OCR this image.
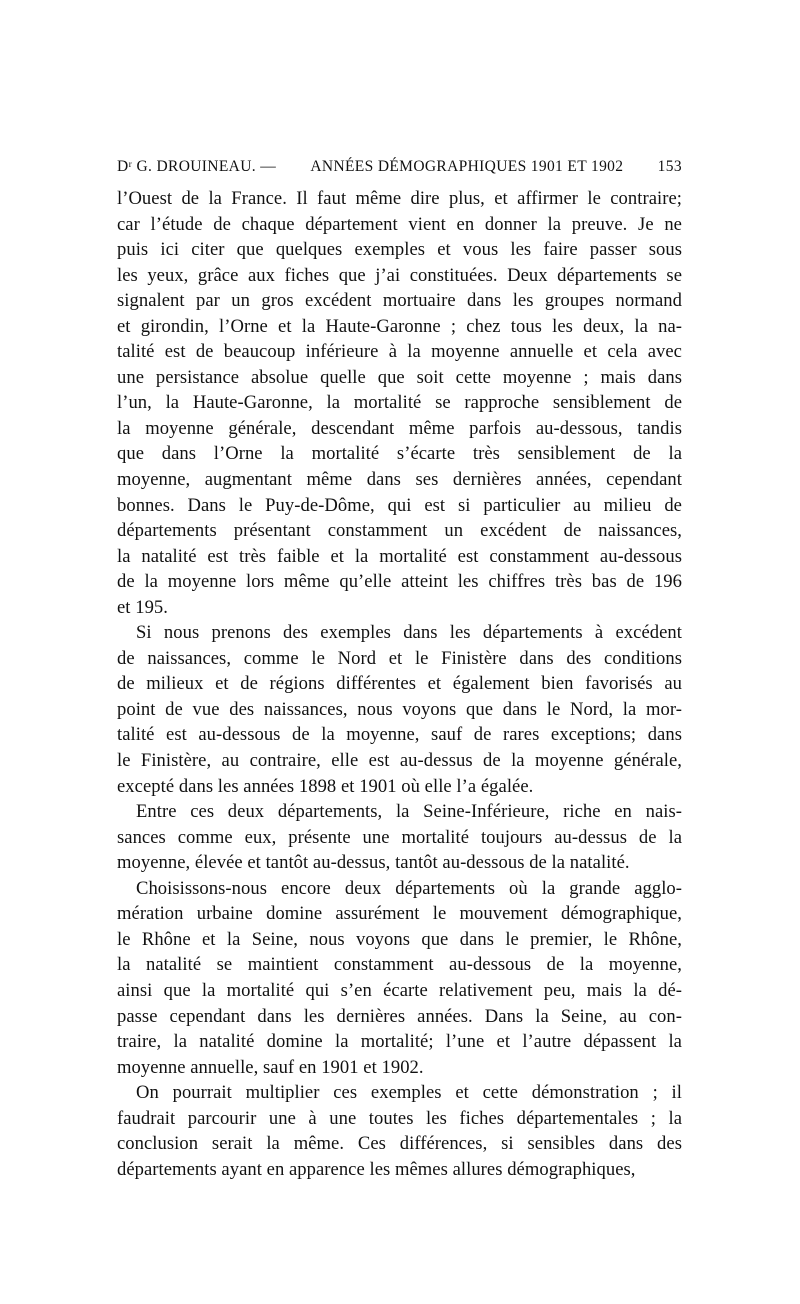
Dʳ G. DROUINEAU. — ANNÉES DÉMOGRAPHIQUES 1901 ET 1902 153
l’Ouest de la France. Il faut même dire plus, et affirmer le contraire;
car l’étude de chaque département vient en donner la preuve. Je ne
puis ici citer que quelques exemples et vous les faire passer sous
les yeux, grâce aux fiches que j’ai constituées. Deux départements se
signalent par un gros excédent mortuaire dans les groupes normand
et girondin, l’Orne et la Haute-Garonne ; chez tous les deux, la na-
talité est de beaucoup inférieure à la moyenne annuelle et cela avec
une persistance absolue quelle que soit cette moyenne ; mais dans
l’un, la Haute-Garonne, la mortalité se rapproche sensiblement de
la moyenne générale, descendant même parfois au-dessous, tandis
que dans l’Orne la mortalité s’écarte très sensiblement de la
moyenne, augmentant même dans ses dernières années, cependant
bonnes. Dans le Puy-de-Dôme, qui est si particulier au milieu de
départements présentant constamment un excédent de naissances,
la natalité est très faible et la mortalité est constamment au-dessous
de la moyenne lors même qu’elle atteint les chiffres très bas de 196
et 195.
Si nous prenons des exemples dans les départements à excédent
de naissances, comme le Nord et le Finistère dans des conditions
de milieux et de régions différentes et également bien favorisés au
point de vue des naissances, nous voyons que dans le Nord, la mor-
talité est au-dessous de la moyenne, sauf de rares exceptions; dans
le Finistère, au contraire, elle est au-dessus de la moyenne générale,
excepté dans les années 1898 et 1901 où elle l’a égalée.
Entre ces deux départements, la Seine-Inférieure, riche en nais-
sances comme eux, présente une mortalité toujours au-dessus de la
moyenne, élevée et tantôt au-dessus, tantôt au-dessous de la natalité.
Choisissons-nous encore deux départements où la grande agglo-
mération urbaine domine assurément le mouvement démographique,
le Rhône et la Seine, nous voyons que dans le premier, le Rhône,
la natalité se maintient constamment au-dessous de la moyenne,
ainsi que la mortalité qui s’en écarte relativement peu, mais la dé-
passe cependant dans les dernières années. Dans la Seine, au con-
traire, la natalité domine la mortalité; l’une et l’autre dépassent la
moyenne annuelle, sauf en 1901 et 1902.
On pourrait multiplier ces exemples et cette démonstration ; il
faudrait parcourir une à une toutes les fiches départementales ; la
conclusion serait la même. Ces différences, si sensibles dans des
départements ayant en apparence les mêmes allures démographiques,
